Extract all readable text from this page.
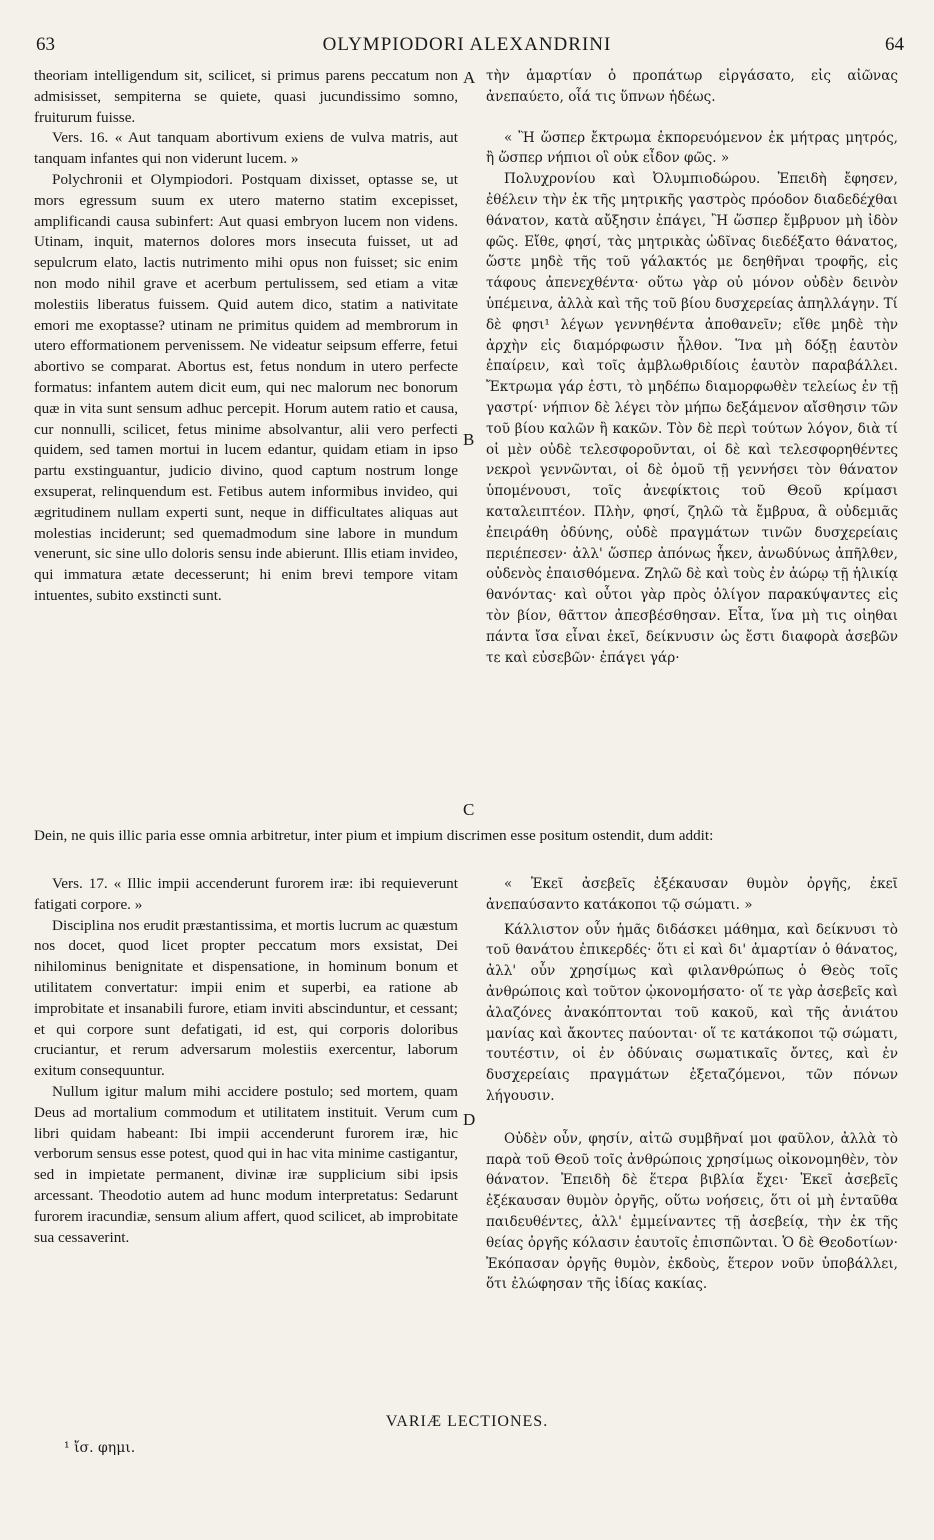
63	OLYMPIODORI ALEXANDRINI	64

theoriam intelligendum sit, scilicet, si primus parens peccatum non admisisset, sempiterna se quiete, quasi jucundissimo somno, fruiturum fuisse.

Vers. 16. « Aut tanquam abortivum exiens de vulva matris, aut tanquam infantes qui non viderunt lucem. »

Polychronii et Olympiodori. Postquam dixisset, optasse se, ut mors egressum suum ex utero materno statim excepisset, amplificandi causa subinfert: Aut quasi embryon lucem non videns. Utinam, inquit, maternos dolores mors insecuta fuisset, ut ad sepulcrum elato, lactis nutrimento mihi opus non fuisset; sic enim non modo nihil grave et acerbum pertulissem, sed etiam a vitæ molestiis liberatus fuissem. Quid autem dico, statim a nativitate emori me exoptasse? utinam ne primitus quidem ad membrorum in utero efformationem pervenissem. Ne videatur seipsum efferre, fetui abortivo se comparat. Abortus est, fetus nondum in utero perfecte formatus: infantem autem dicit eum, qui nec malorum nec bonorum quæ in vita sunt sensum adhuc percepit. Horum autem ratio et causa, cur nonnulli, scilicet, fetus minime absolvantur, alii vero perfecti quidem, sed tamen mortui in lucem edantur, quidam etiam in ipso partu exstinguantur, judicio divino, quod captum nostrum longe exsuperat, relinquendum est. Fetibus autem informibus invideo, qui ægritudinem nullam experti sunt, neque in difficultates aliquas aut molestias inciderunt; sed quemadmodum sine labore in mundum venerunt, sic sine ullo doloris sensu inde abierunt. Illis etiam invideo, qui immatura ætate decesserunt; hi enim brevi tempore vitam intuentes, subito exstincti sunt.

τὴν ἁμαρτίαν ὁ προπάτωρ εἰργάσατο, εἰς αἰῶνας ἀνεπαύετο, οἷά τις ὕπνων ἡδέως.

« Ἢ ὥσπερ ἔκτρωμα ἐκπορευόμενον ἐκ μήτρας μητρός, ἢ ὥσπερ νήπιοι οἳ οὐκ εἶδον φῶς. »

Πολυχρονίου καὶ Ὀλυμπιοδώρου. Ἐπειδὴ ἔφησεν, ἐθέλειν τὴν ἐκ τῆς μητρικῆς γαστρὸς πρόοδον διαδεδέχθαι θάνατον, κατὰ αὔξησιν ἐπάγει, Ἢ ὥσπερ ἔμβρυον μὴ ἰδὸν φῶς. Εἴθε, φησί, τὰς μητρικὰς ὠδῖνας διεδέξατο θάνατος, ὥστε μηδὲ τῆς τοῦ γάλακτός με δεηθῆναι τροφῆς, εἰς τάφους ἀπενεχθέντα· οὕτω γὰρ οὐ μόνον οὐδὲν δεινὸν ὑπέμεινα, ἀλλὰ καὶ τῆς τοῦ βίου δυσχερείας ἀπηλλάγην. Τί δὲ φησι¹ λέγων γεννηθέντα ἀποθανεῖν; εἴθε μηδὲ τὴν ἀρχὴν εἰς διαμόρφωσιν ἦλθον. Ἵνα μὴ δόξῃ ἑαυτὸν ἐπαίρειν, καὶ τοῖς ἀμβλωθριδίοις ἑαυτὸν παραβάλλει. Ἔκτρωμα γάρ ἐστι, τὸ μηδέπω διαμορφωθὲν τελείως ἐν τῇ γαστρί· νήπιον δὲ λέγει τὸν μήπω δεξάμενον αἴσθησιν τῶν τοῦ βίου καλῶν ἢ κακῶν. Τὸν δὲ περὶ τούτων λόγον, διὰ τί οἱ μὲν οὐδὲ τελεσφοροῦνται, οἱ δὲ καὶ τελεσφορηθέντες νεκροὶ γεννῶνται, οἱ δὲ ὁμοῦ τῇ γεννήσει τὸν θάνατον ὑπομένουσι, τοῖς ἀνεφίκτοις τοῦ Θεοῦ κρίμασι καταλειπτέον. Πλὴν, φησί, ζηλῶ τὰ ἔμβρυα, ἃ οὐδεμιᾶς ἐπειράθη ὀδύνης, οὐδὲ πραγμάτων τινῶν δυσχερείαις περιέπεσεν· ἀλλ' ὥσπερ ἀπόνως ἧκεν, ἀνωδύνως ἀπῆλθεν, οὐδενὸς ἐπαισθόμενα. Ζηλῶ δὲ καὶ τοὺς ἐν ἀώρῳ τῇ ἡλικίᾳ θανόντας· καὶ οὗτοι γὰρ πρὸς ὀλίγον παρακύψαντες εἰς τὸν βίον, θᾶττον ἀπεσβέσθησαν. Εἶτα, ἵνα μὴ τις οἰηθαι πάντα ἴσα εἶναι ἐκεῖ, δείκνυσιν ὡς ἔστι διαφορὰ ἀσεβῶν τε καὶ εὐσεβῶν· ἐπάγει γάρ·

A
B
C
D
Dein, ne quis illic paria esse omnia arbitretur, inter pium et impium discrimen esse positum ostendit, dum addit:

Vers. 17. « Illic impii accenderunt furorem iræ: ibi requieverunt fatigati corpore. »

Disciplina nos erudit præstantissima, et mortis lucrum ac quæstum nos docet, quod licet propter peccatum mors exsistat, Dei nihilominus benignitate et dispensatione, in hominum bonum et utilitatem convertatur: impii enim et superbi, ea ratione ab improbitate et insanabili furore, etiam inviti abscinduntur, et cessant; et qui corpore sunt defatigati, id est, qui corporis doloribus cruciantur, et rerum adversarum molestiis exercentur, laborum exitum consequuntur.

Nullum igitur malum mihi accidere postulo; sed mortem, quam Deus ad mortalium commodum et utilitatem instituit. Verum cum libri quidam habeant: Ibi impii accenderunt furorem iræ, hic verborum sensus esse potest, quod qui in hac vita minime castigantur, sed in impietate permanent, divinæ iræ supplicium sibi ipsis arcessant. Theodotio autem ad hunc modum interpretatus: Sedarunt furorem iracundiæ, sensum alium affert, quod scilicet, ab improbitate sua cessaverint.

« Ἐκεῖ ἀσεβεῖς ἐξέκαυσαν θυμὸν ὀργῆς, ἐκεῖ ἀνεπαύσαντο κατάκοποι τῷ σώματι. »

Κάλλιστον οὖν ἡμᾶς διδάσκει μάθημα, καὶ δείκνυσι τὸ τοῦ θανάτου ἐπικερδές· ὅτι εἰ καὶ δι' ἁμαρτίαν ὁ θάνατος, ἀλλ' οὖν χρησίμως καὶ φιλανθρώπως ὁ Θεὸς τοῖς ἀνθρώποις καὶ τοῦτον ᾠκονομήσατο· οἵ τε γὰρ ἀσεβεῖς καὶ ἀλαζόνες ἀνακόπτονται τοῦ κακοῦ, καὶ τῆς ἀνιάτου μανίας καὶ ἄκοντες παύονται· οἵ τε κατάκοποι τῷ σώματι, τουτέστιν, οἱ ἐν ὀδύναις σωματικαῖς ὄντες, καὶ ἐν δυσχερείαις πραγμάτων ἐξεταζόμενοι, τῶν πόνων λήγουσιν.

Οὐδὲν οὖν, φησίν, αἰτῶ συμβῆναί μοι φαῦλον, ἀλλὰ τὸ παρὰ τοῦ Θεοῦ τοῖς ἀνθρώποις χρησίμως οἰκονομηθὲν, τὸν θάνατον. Ἐπειδὴ δὲ ἕτερα βιβλία ἔχει· Ἐκεῖ ἀσεβεῖς ἐξέκαυσαν θυμὸν ὀργῆς, οὕτω νοήσεις, ὅτι οἱ μὴ ἐνταῦθα παιδευθέντες, ἀλλ' ἐμμείναντες τῇ ἀσεβείᾳ, τὴν ἐκ τῆς θείας ὀργῆς κόλασιν ἑαυτοῖς ἐπισπῶνται. Ὁ δὲ Θεοδοτίων· Ἐκόπασαν ὀργῆς θυμὸν, ἐκδοὺς, ἕτερον νοῦν ὑποβάλλει, ὅτι ἐλώφησαν τῆς ἰδίας κακίας.

VARIÆ LECTIONES.
¹ ἴσ. φημι.
